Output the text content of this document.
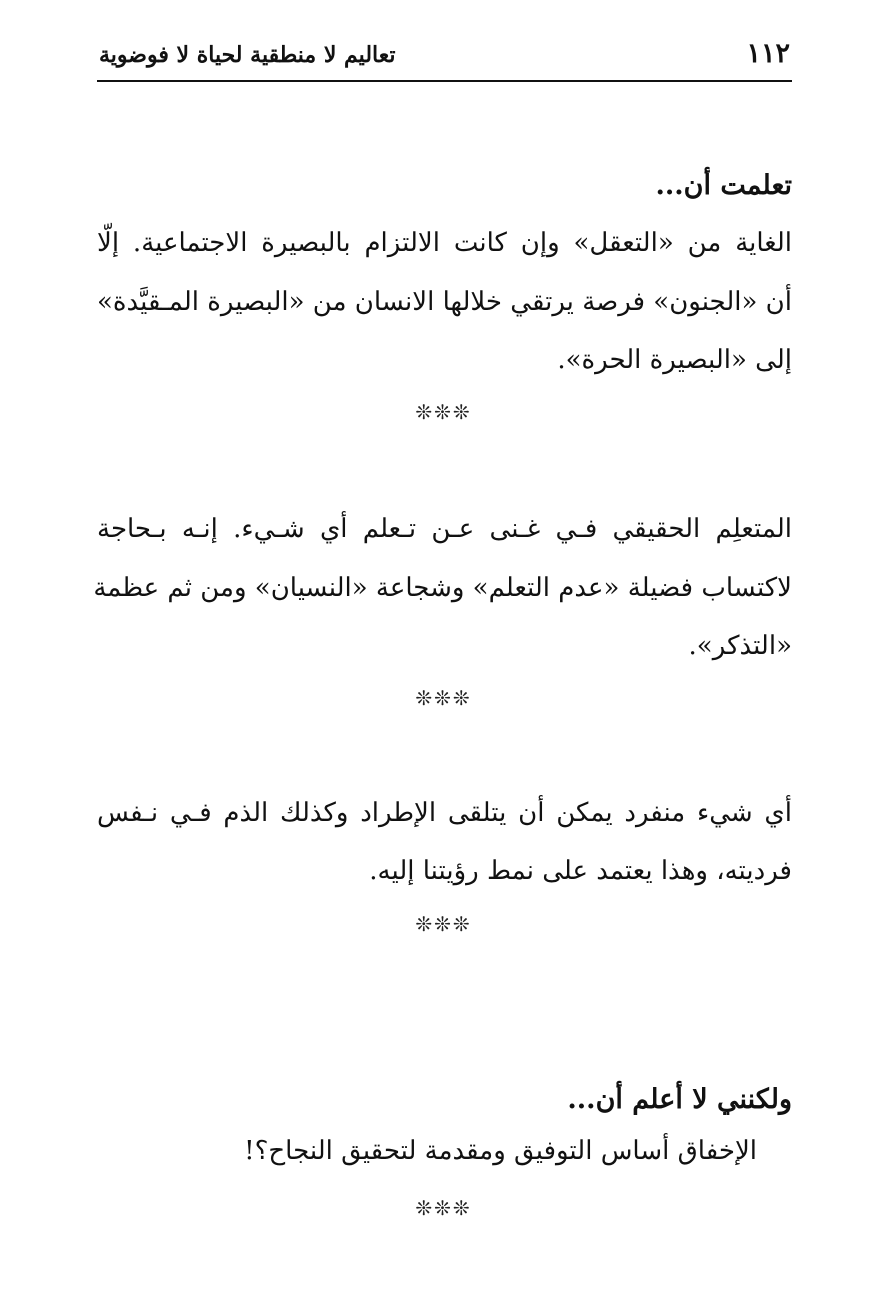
١١٢
تعاليم لا منطقية لحياة لا فوضوية

تعلمت أن...

الغاية من «التعقل» وإن كانت الالتزام بالبصيرة الاجتماعية. إلّا

أن «الجنون» فرصة يرتقي خلالها الانسان من «البصيرة المـقيَّدة»

إلى «البصيرة الحرة».

❊❊❊

المتعلِم الحقيقي فـي غـنى عـن تـعلم أي شـيء. إنـه بـحاجة

لاكتساب فضيلة «عدم التعلم» وشجاعة «النسيان» ومن ثم عظمة

«التذكر».

❊❊❊

أي شيء منفرد يمكن أن يتلقى الإطراد وكذلك الذم فـي نـفس

فرديته، وهذا يعتمد على نمط رؤيتنا إليه.

❊❊❊

ولكنني لا أعلم أن...

الإخفاق أساس التوفيق ومقدمة لتحقيق النجاح؟!

❊❊❊
